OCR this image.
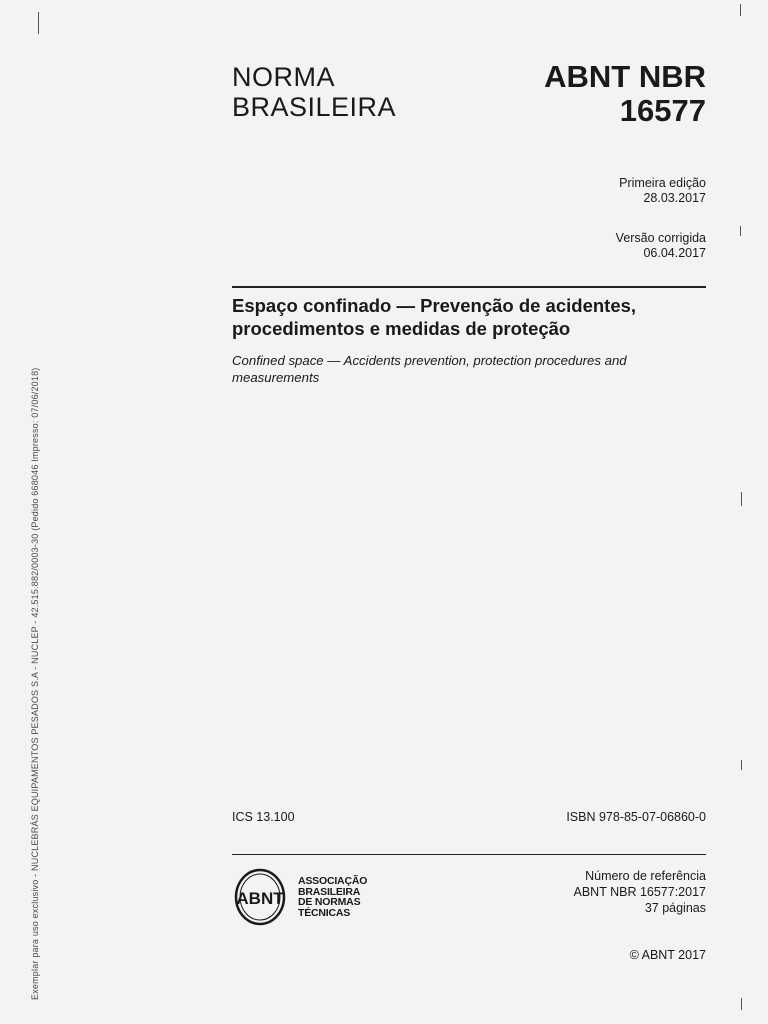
NORMA
BRASILEIRA
ABNT NBR
16577
Primeira edição
28.03.2017
Versão corrigida
06.04.2017
Espaço confinado — Prevenção de acidentes, procedimentos e medidas de proteção
Confined space — Accidents prevention, protection procedures and measurements
ICS 13.100	ISBN 978-85-07-06860-0
ABNT
ASSOCIAÇÃO
BRASILEIRA
DE NORMAS
TÉCNICAS
Número de referência
ABNT NBR 16577:2017
37 páginas
© ABNT 2017
Exemplar para uso exclusivo - NUCLEBRÁS EQUIPAMENTOS PESADOS S.A - NUCLEP - 42.515.882/0003-30 (Pedido 668046 Impresso: 07/06/2018)
